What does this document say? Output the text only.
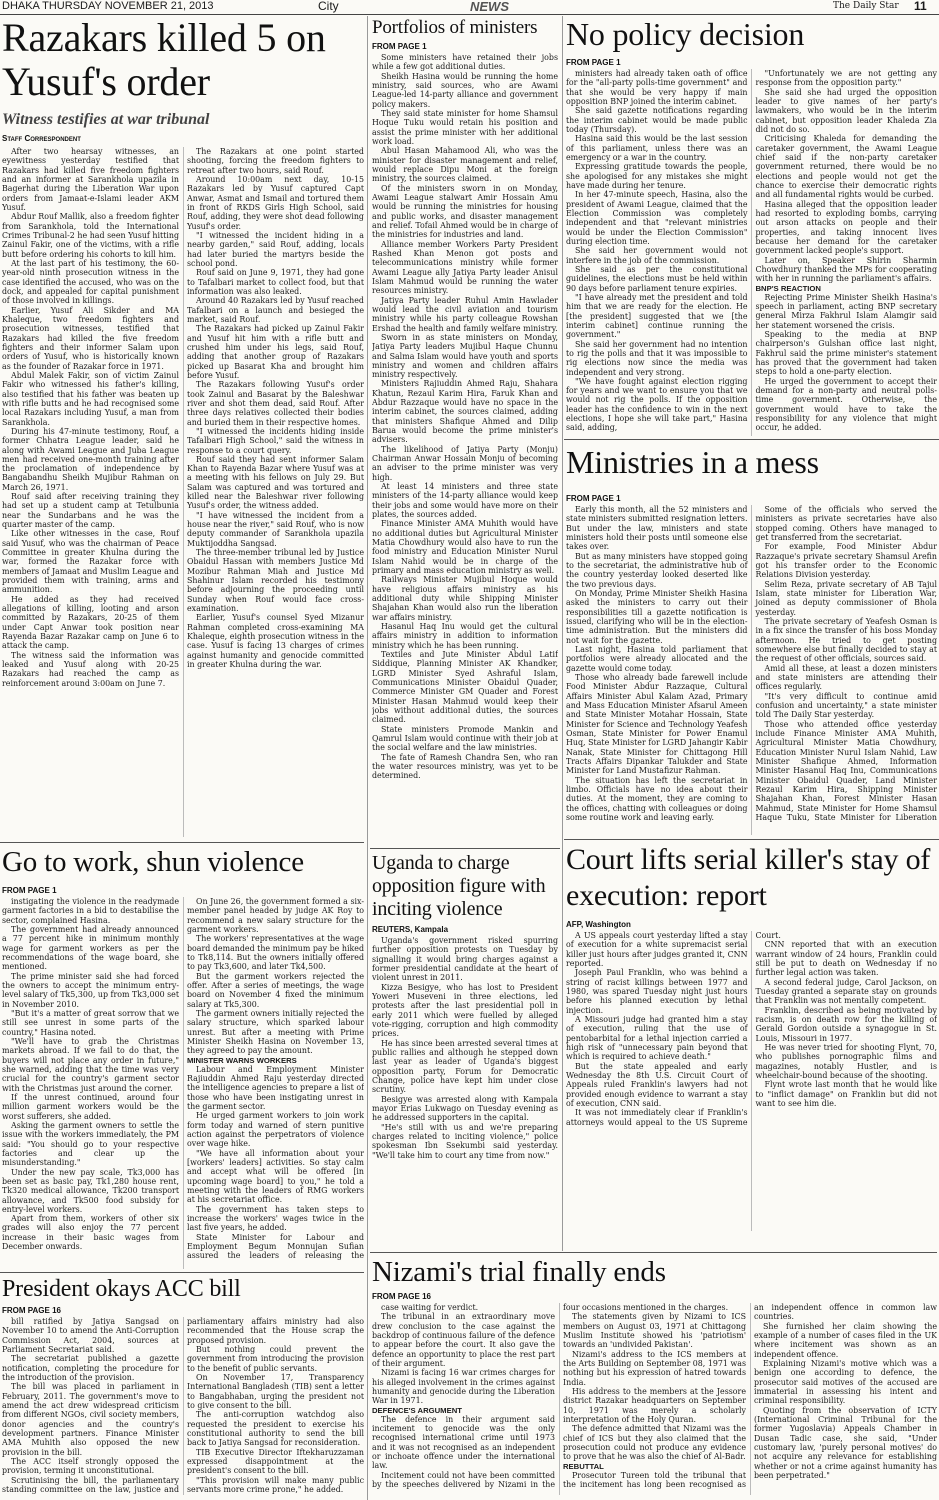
DHAKA THURSDAY NOVEMBER 21, 2013	City	NEWS	The Daily Star 11
Razakars killed 5 on Yusuf's order
Witness testifies at war tribunal

Staff Correspondent

After two hearsay witnesses, an eyewitness yesterday testified that Razakars had killed five freedom fighters and an informer at Sarankhola upazila in Bagerhat during the Liberation War upon orders from Jamaat-e-Islami leader AKM Yusuf.

Abdur Rouf Mallik, also a freedom fighter from Sarankhola, told the International Crimes Tribunal-2 he had seen Yusuf hitting Zainul Fakir, one of the victims, with a rifle butt before ordering his cohorts to kill him.

At the last part of his testimony, the 60-year-old ninth prosecution witness in the case identified the accused, who was on the dock, and appealed for capital punishment of those involved in killings.

Earlier, Yusuf Ali Sikder and MA Khaleque, two freedom fighters and prosecution witnesses, testified that Razakars had killed the five freedom fighters and their informer Salam upon orders of Yusuf, who is historically known as the founder of Razakar force in 1971.

Abdul Malek Fakir, son of victim Zainul Fakir who witnessed his father's killing, also testified that his father was beaten up with rifle butts and he had recognised some local Razakars including Yusuf, a man from Sarankhola.

During his 47-minute testimony, Rouf, a former Chhatra League leader, said he along with Awami League and Juba League men had received one-month training after the proclamation of independence by Bangabandhu Sheikh Mujibur Rahman on March 26, 1971.

Rouf said after receiving training they had set up a student camp at Tetulbunia near the Sundarbans and he was the quarter master of the camp.

Like other witnesses in the case, Rouf said Yusuf, who was the chairman of Peace Committee in greater Khulna during the war, formed the Razakar force with members of Jamaat and Muslim League and provided them with training, arms and ammunition.

He added as they had received allegations of killing, looting and arson committed by Razakars, 20-25 of them under Capt Anwar took position near Rayenda Bazar Razakar camp on June 6 to attack the camp.

The witness said the information was leaked and Yusuf along with 20-25 Razakars had reached the camp as reinforcement around 3:00am on June 7.

The Razakars at one point started shooting, forcing the freedom fighters to retreat after two hours, said Rouf.

Around 10:00am next day, 10-15 Razakars led by Yusuf captured Capt Anwar, Asmat and Ismail and tortured them in front of RKDS Girls High School, said Rouf, adding, they were shot dead following Yusuf's order.

"I witnessed the incident hiding in a nearby garden," said Rouf, adding, locals had later buried the martyrs beside the school pond.

Rouf said on June 9, 1971, they had gone to Tafalbari market to collect food, but that information was also leaked.

Around 40 Razakars led by Yusuf reached Tafalbari on a launch and besieged the market, said Rouf.

The Razakars had picked up Zainul Fakir and Yusuf hit him with a rifle butt and crushed him under his legs, said Rouf, adding that another group of Razakars picked up Basarat Kha and brought him before Yusuf.

The Razakars following Yusuf's order took Zainul and Basarat by the Baleshwar river and shot them dead, said Rouf. After three days relatives collected their bodies and buried them in their respective homes.

"I witnessed the incidents hiding inside Tafalbari High School," said the witness in response to a court query.

Rouf said they had sent informer Salam Khan to Rayenda Bazar where Yusuf was at a meeting with his fellows on July 29. But Salam was captured and was tortured and killed near the Baleshwar river following Yusuf's order, the witness added.

"I have witnessed the incident from a house near the river," said Rouf, who is now deputy commander of Sarankhola upazila Muktijoddha Sangsad.

The three-member tribunal led by Justice Obaidul Hassan with members Justice Md Mozibur Rahman Miah and Justice Md Shahinur Islam recorded his testimony before adjourning the proceeding until Sunday when Rouf would face cross-examination.

Earlier, Yusuf's counsel Syed Mizanur Rahman completed cross-examining MA Khaleque, eighth prosecution witness in the case. Yusuf is facing 13 charges of crimes against humanity and genocide committed in greater Khulna during the war.

Portfolios of ministers

FROM PAGE 1

Some ministers have retained their jobs while a few got additional duties.

Sheikh Hasina would be running the home ministry, said sources, who are Awami League-led 14-party alliance and government policy makers.

They said state minister for home Shamsul Hoque Tuku would retain his position and assist the prime minister with her additional work load.

Abul Hasan Mahamood Ali, who was the minister for disaster management and relief, would replace Dipu Moni at the foreign ministry, the sources claimed.

Of the ministers sworn in on Monday, Awami League stalwart Amir Hossain Amu would be running the ministries for housing and public works, and disaster management and relief. Tofail Ahmed would be in charge of the ministries for industries and land.

Alliance member Workers Party President Rashed Khan Menon got posts and telecommunications ministry while former Awami League ally Jatiya Party leader Anisul Islam Mahmud would be running the water resources ministry.

Jatiya Party leader Ruhul Amin Hawlader would lead the civil aviation and tourism ministry while his party colleague Rowshan Ershad the health and family welfare ministry.

Sworn in as state ministers on Monday, Jatiya Party leaders Mujibul Haque Chunnu and Salma Islam would have youth and sports ministry and women and children affairs ministry respectively.

Ministers Rajiuddin Ahmed Raju, Shahara Khatun, Rezaul Karim Hira, Faruk Khan and Abdur Razzaque would have no space in the interim cabinet, the sources claimed, adding that ministers Shafique Ahmed and Dilip Barua would become the prime minister's advisers.

The likelihood of Jatiya Party (Monju) Chairman Anwar Hossain Monju of becoming an adviser to the prime minister was very high.

At least 14 ministers and three state ministers of the 14-party alliance would keep their jobs and some would have more on their plates, the sources added.

Finance Minister AMA Muhith would have no additional duties but Agricultural Minister Matia Chowdhury would also have to run the food ministry and Education Minister Nurul Islam Nahid would be in charge of the primary and mass education ministry as well.

Railways Minister Mujibul Hoque would have religious affairs ministry as his additional duty while Shipping Minister Shajahan Khan would also run the liberation war affairs ministry.

Hasanul Haq Inu would get the cultural affairs ministry in addition to information ministry which he has been running.

Textiles and Jute Minister Abdul Latif Siddique, Planning Minister AK Khandker, LGRD Minister Syed Ashraful Islam, Communications Minister Obaidul Quader, Commerce Minister GM Quader and Forest Minister Hasan Mahmud would keep their jobs without additional duties, the sources claimed.

State ministers Promode Mankin and Qamrul Islam would continue with their job at the social welfare and the law ministries.

The fate of Ramesh Chandra Sen, who ran the water resources ministry, was yet to be determined.

No policy decision

FROM PAGE 1

ministers had already taken oath of office for the "all-party polls-time government" and that she would be very happy if main opposition BNP joined the interim cabinet.

She said gazette notifications regarding the interim cabinet would be made public today (Thursday).

Hasina said this would be the last session of this parliament, unless there was an emergency or a war in the country.

Expressing gratitude towards the people, she apologised for any mistakes she might have made during her tenure.

In her 47-minute speech, Hasina, also the president of Awami League, claimed that the Election Commission was completely independent and that "relevant ministries would be under the Election Commission" during election time.

She said her government would not interfere in the job of the commission.

She said as per the constitutional guidelines, the elections must be held within 90 days before parliament tenure expiries.

"I have already met the president and told him that we are ready for the election. He [the president] suggested that we [the interim cabinet] continue running the government."

She said her government had no intention to rig the polls and that it was impossible to rig elections now since the media was independent and very strong.

"We have fought against election rigging for years and we want to ensure you that we would not rig the polls. If the opposition leader has the confidence to win in the next elections, I hope she will take part," Hasina said, adding,

"Unfortunately we are not getting any response from the opposition party."

She said she had urged the opposition leader to give names of her party's lawmakers, who would be in the interim cabinet, but opposition leader Khaleda Zia did not do so.

Criticising Khaleda for demanding the caretaker government, the Awami League chief said if the non-party caretaker government returned, there would be no elections and people would not get the chance to exercise their democratic rights and all fundamental rights would be curbed.

Hasina alleged that the opposition leader had resorted to exploding bombs, carrying out arson attacks on people and their properties, and taking innocent lives because her demand for the caretaker government lacked people's support.

Later on, Speaker Shirin Sharmin Chowdhury thanked the MPs for cooperating with her in running the parliament's affairs.

BNP'S REACTION

Rejecting Prime Minister Sheikh Hasina's speech in parliament, acting BNP secretary general Mirza Fakhrul Islam Alamgir said her statement worsened the crisis.

Speaking to the media at BNP chairperson's Gulshan office last night, Fakhrul said the prime minister's statement has proved that the government had taken steps to hold a one-party election.

He urged the government to accept their demand for a non-party and neutral polls-time government. Otherwise, the government would have to take the responsibility for any violence that might occur, he added.

Ministries in a mess

FROM PAGE 1

Early this month, all the 52 ministers and state ministers submitted resignation letters. But under the law, ministers and state ministers hold their posts until someone else takes over.

But as many ministers have stopped going to the secretariat, the administrative hub of the country yesterday looked deserted like the two previous days.

On Monday, Prime Minister Sheikh Hasina asked the ministers to carry out their responsibilities till a gazette notification is issued, clarifying who will be in the election-time administration. But the ministers did not wait for the gazette.

Last night, Hasina told parliament that portfolios were already allocated and the gazette would come today.

Those who already bade farewell include Food Minister Abdur Razzaque, Cultural Affairs Minister Abul Kalam Azad, Primary and Mass Education Minister Afsarul Ameen and State Minister Motahar Hossain, State Minister for Science and Technology Yeafesh Osman, State Minister for Power Enamul Huq, State Minister for LGRD Jahangir Kabir Nanak, State Minister for Chittagong Hill Tracts Affairs Dipankar Talukder and State Minister for Land Mustafizur Rahman.

The situation has left the secretariat in limbo. Officials have no idea about their duties. At the moment, they are coming to the offices, chatting with colleagues or doing some routine work and leaving early.

Some of the officials who served the ministers as private secretaries have also stopped coming. Others have managed to get transferred from the secretariat.

For example, Food Minister Abdur Razzaque's private secretary Shamsul Arefin got his transfer order to the Economic Relations Division yesterday.

Selim Reza, private secretary of AB Tajul Islam, state minister for Liberation War, joined as deputy commissioner of Bhola yesterday.

The private secretary of Yeafesh Osman is in a fix since the transfer of his boss Monday afternoon. He tried to get posting somewhere else but finally decided to stay at the request of other officials, sources said.

Amid all these, at least a dozen ministers and state ministers are attending their offices regularly.

"It's very difficult to continue amid confusion and uncertainty," a state minister told The Daily Star yesterday.

Those who attended office yesterday include Finance Minister AMA Muhith, Agricultural Minister Matia Chowdhury, Education Minister Nurul Islam Nahid, Law Minister Shafique Ahmed, Information Minister Hasanul Haq Inu, Communications Minister Obaidul Quader, Land Minister Rezaul Karim Hira, Shipping Minister Shajahan Khan, Forest Minister Hasan Mahmud, State Minister for Home Shamsul Haque Tuku, State Minister for Liberation

Go to work, shun violence

FROM PAGE 1

instigating the violence in the readymade garment factories in a bid to destabilise the sector, complained Hasina.

The government had already announced a 77 percent hike in minimum monthly wage for garment workers as per the recommendations of the wage board, she mentioned.

The prime minister said she had forced the owners to accept the minimum entry-level salary of Tk5,300, up from Tk3,000 set in November 2010.

"But it's a matter of great sorrow that we still see unrest in some parts of the country," Hasina noted.

"We'll have to grab the Christmas markets abroad. If we fail to do that, the buyers will not place any order in future," she warned, adding that the time was very crucial for the country's garment sector with the Christmas just around the corner.

If the unrest continued, around four million garment workers would be the worst sufferers, she added.

Asking the garment owners to settle the issue with the workers immediately, the PM said: "You should go to your respective factories and clear up the misunderstanding."

Under the new pay scale, Tk3,000 has been set as basic pay, Tk1,280 house rent, Tk320 medical allowance, Tk200 transport allowance, and Tk500 food subsidy for entry-level workers.

Apart from them, workers of other six grades will also enjoy the 77 percent increase in their basic wages from December onwards.

On June 26, the government formed a six-member panel headed by judge AK Roy to recommend a new salary structure for the garment workers.

The workers' representatives at the wage board demanded the minimum pay be hiked to Tk8,114. But the owners initially offered to pay Tk3,600, and later Tk4,500.

But the garment workers rejected the offer. After a series of meetings, the wage board on November 4 fixed the minimum salary at Tk5,300.

The garment owners initially rejected the salary structure, which sparked labour unrest. But after a meeting with Prime Minister Sheikh Hasina on November 13, they agreed to pay the amount.

MINISTER WARNS WORKERS

Labour and Employment Minister Rajiuddin Ahmed Raju yesterday directed the intelligence agencies to prepare a list of those who have been instigating unrest in the garment sector.

He urged garment workers to join work form today and warned of stern punitive action against the perpetrators of violence over wage hike.

"We have all information about your [workers' leaders] activities. So stay calm and accept what will be offered [in upcoming wage board] to you," he told a meeting with the leaders of RMG workers at his secretariat office.

The government has taken steps to increase the workers' wages twice in the last five years, he added.

State Minister for Labour and Employment Begum Monnujan Sufian assured the leaders of releasing the

Uganda to charge opposition figure with inciting violence

REUTERS, Kampala

Uganda's government risked spurring further opposition protests on Tuesday by signalling it would bring charges against a former presidential candidate at the heart of violent unrest in 2011.

Kizza Besigye, who has lost to President Yoweri Museveni in three elections, led protests after the last presidential poll in early 2011 which were fuelled by alleged vote-rigging, corruption and high commodity prices.

He has since been arrested several times at public rallies and although he stepped down last year as leader of Uganda's biggest opposition party, Forum for Democratic Change, police have kept him under close scrutiny.

Besigye was arrested along with Kampala mayor Erias Lukwago on Tuesday evening as he addressed supporters in the capital.

"He's still with us and we're preparing charges related to inciting violence," police spokesman Ibn Ssekumbi said yesterday. "We'll take him to court any time from now."

Court lifts serial killer's stay of execution: report

AFP, Washington

A US appeals court yesterday lifted a stay of execution for a white supremacist serial killer just hours after judges granted it, CNN reported.

Joseph Paul Franklin, who was behind a string of racist killings between 1977 and 1980, was spared Tuesday night just hours before his planned execution by lethal injection.

A Missouri judge had granted him a stay of execution, ruling that the use of pentobarbital for a lethal injection carried a high risk of "unnecessary pain beyond that which is required to achieve death."

But the state appealed and early Wednesday the 8th U.S. Circuit Court of Appeals ruled Franklin's lawyers had not provided enough evidence to warrant a stay of execution, CNN said.

It was not immediately clear if Franklin's attorneys would appeal to the US Supreme Court.

CNN reported that with an execution warrant window of 24 hours, Franklin could still be put to death on Wednesday if no further legal action was taken.

A second federal judge, Carol Jackson, on Tuesday granted a separate stay on grounds that Franklin was not mentally competent.

Franklin, described as being motivated by racism, is on death row for the killing of Gerald Gordon outside a synagogue in St. Louis, Missouri in 1977.

He was never tried for shooting Flynt, 70, who publishes pornographic films and magazines, notably Hustler, and is wheelchair-bound because of the shooting.

Flynt wrote last month that he would like to "inflict damage" on Franklin but did not want to see him die.

President okays ACC bill

FROM PAGE 16

bill ratified by Jatiya Sangsad on November 10 to amend the Anti-Corruption Commission Act, 2004, sources at Parliament Secretariat said.

The secretariat published a gazette notification, completing the procedure for the introduction of the provision.

The bill was placed in parliament in February, 2011. The government's move to amend the act drew widespread criticism from different NGOs, civil society members, donor agencies and the country's development partners. Finance Minister AMA Muhith also opposed the new provision in the bill.

The ACC itself strongly opposed the provision, terming it unconstitutional.

Scrutinising the bill, the parliamentary standing committee on the law, justice and parliamentary affairs ministry had also recommended that the House scrap the proposed provision.

But nothing could prevent the government from introducing the provision to the benefit of public servants.

On November 17, Transparency International Bangladesh (TIB) sent a letter to Bangabhaban, urging the president not to give consent to the bill.

The anti-corruption watchdog also requested the president to exercise his constitutional authority to send the bill back to Jatiya Sangsad for reconsideration.

TIB Executive Director Iftekharuzzaman expressed disappointment at the president's consent to the bill.

"This provision will make many public servants more crime prone," he added.

Nizami's trial finally ends

FROM PAGE 16

case waiting for verdict.

The tribunal in an extraordinary move drew conclusion to the case against the backdrop of continuous failure of the defence to appear before the court. It also gave the defence an opportunity to place the rest part of their argument.

Nizami is facing 16 war crimes charges for his alleged involvement in the crimes against humanity and genocide during the Liberation War in 1971.

DEFENCE'S ARGUMENT

The defence in their argument said incitement to genocide was the only recognised international crime until 1973 and it was not recognised as an independent or inchoate offence under the international law.

Incitement could not have been committed by the speeches delivered by Nizami in the four occasions mentioned in the charges.

The statements given by Nizami to ICS members on August 03, 1971 at Chittagong Muslim Institute showed his 'patriotism' towards an 'undivided Pakistan'.

Nizami's address to the ICS members at the Arts Building on September 08, 1971 was nothing but his expression of hatred towards India.

His address to the members at the Jessore district Razakar headquarters on September 10, 1971 was merely a scholarly interpretation of the Holy Quran.

The defence admitted that Nizami was the chief of ICS but they also claimed that the prosecution could not produce any evidence to prove that he was also the chief of Al-Badr.

REBUTTAL

Prosecutor Tureen told the tribunal that the incitement has long been recognised as an independent offence in common law countries.

She furnished her claim showing the example of a number of cases filed in the UK where incitement was shown as an independent offence.

Explaining Nizami's motive which was a benign one according to defence, the prosecutor said motives of the accused are immaterial in assessing his intent and criminal responsibility.

Quoting from the observation of ICTY (International Criminal Tribunal for the former Yugoslavia) Appeals Chamber in Dusan Tadic case, she said, "Under customary law, 'purely personal motives' do not acquire any relevance for establishing whether or not a crime against humanity has been perpetrated."
